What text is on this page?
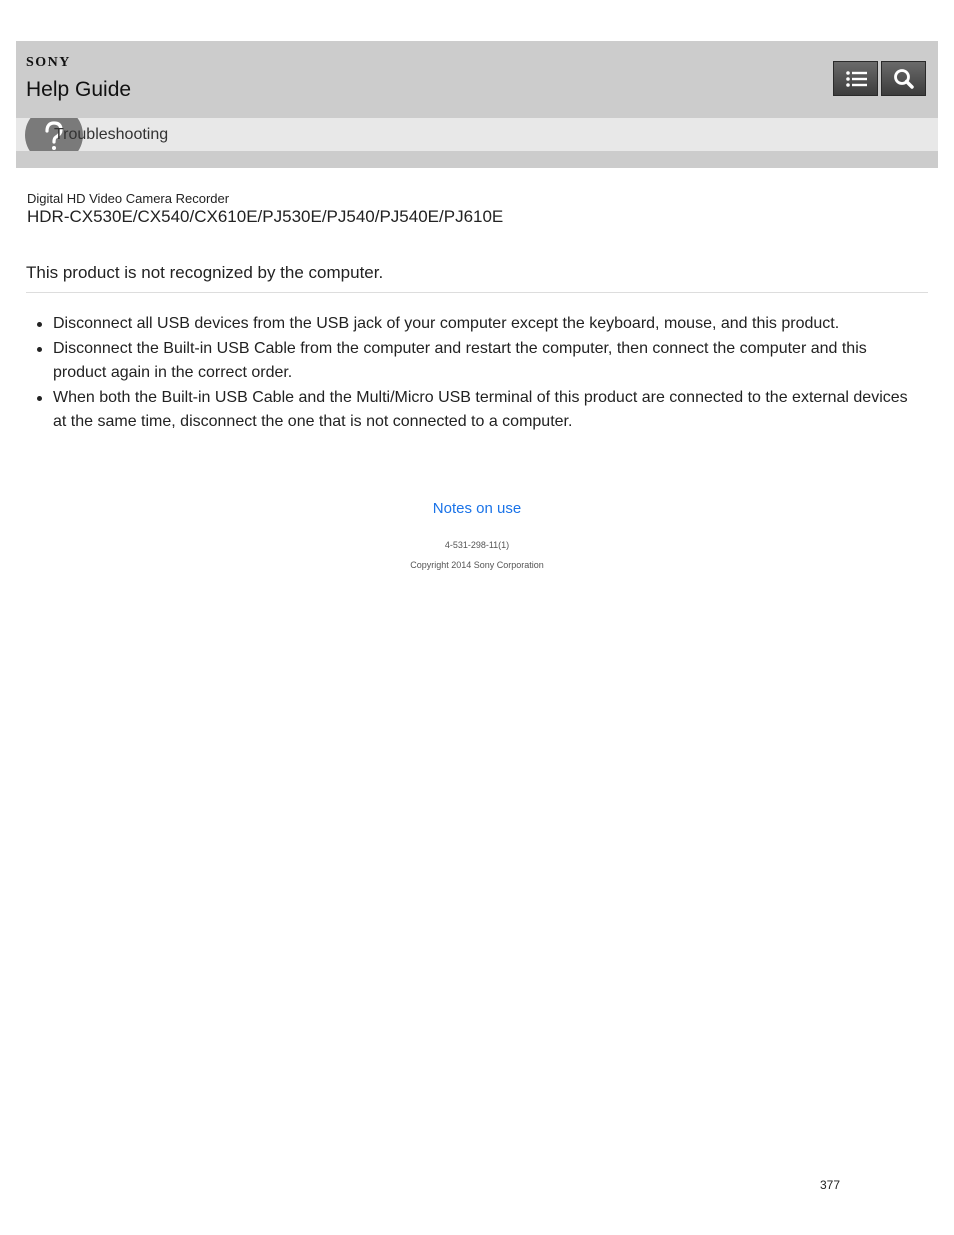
SONY
Help Guide
Troubleshooting
Digital HD Video Camera Recorder
HDR-CX530E/CX540/CX610E/PJ530E/PJ540/PJ540E/PJ610E
This product is not recognized by the computer.
Disconnect all USB devices from the USB jack of your computer except the keyboard, mouse, and this product.
Disconnect the Built-in USB Cable from the computer and restart the computer, then connect the computer and this product again in the correct order.
When both the Built-in USB Cable and the Multi/Micro USB terminal of this product are connected to the external devices at the same time, disconnect the one that is not connected to a computer.
Notes on use
4-531-298-11(1)
Copyright 2014 Sony Corporation
377
